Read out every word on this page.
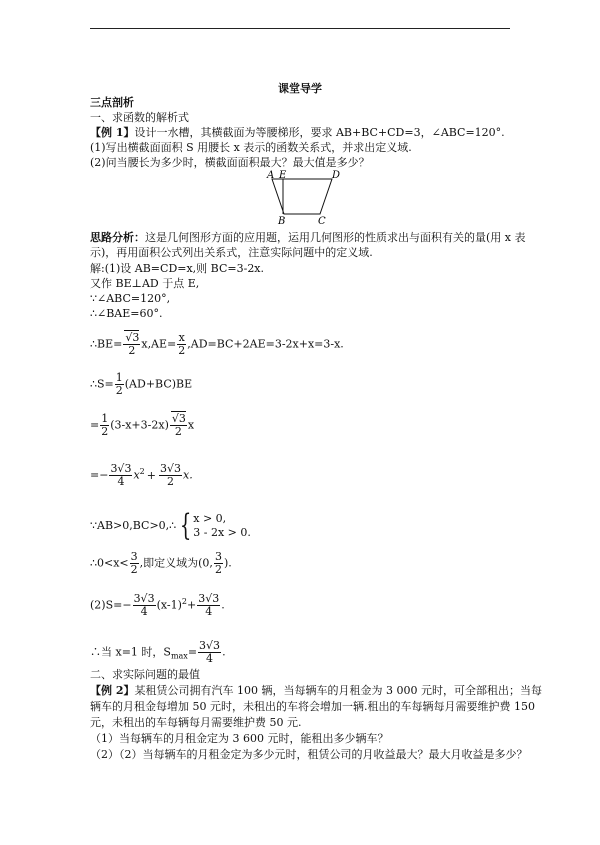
课堂导学
三点剖析
一、求函数的解析式
【例 1】设计一水槽，其横截面为等腰梯形，要求 AB+BC+CD=3，∠ABC=120°.
(1)写出横截面面积 S 用腰长 x 表示的函数关系式，并求出定义域.
(2)问当腰长为多少时，横截面面积最大？最大值是多少？
A E	D
B	C
思路分析：这是几何图形方面的应用题，运用几何图形的性质求出与面积有关的量(用 x 表
示)，再用面积公式列出关系式，注意实际问题中的定义域.
解:(1)设 AB=CD=x,则 BC=3-2x.
又作 BE⊥AD 于点 E,
∵∠ABC=120°,
∴∠BAE=60°.
∴BE= $\frac{√3}{2} x,AE= \frac{x}{2} ,AD=BC+2AE=3-2x+x=3-x$.
∴S= $\frac{1}{2} (AD+BC)BE$
= $\frac{1}{2} (3-x+3-2x) \frac{√3}{2}$ x
=− $\frac{3√3}{4} x^2 + \frac{3√3}{2} x$.
∵AB>0,BC>0,∴ { x > 0,
3 - 2x > 0.
∴0<x< $\frac{3}{2}$ ,即定义域为(0, $\frac{3}{2}$ ).
$(2)S=- \frac{3√3}{4} (x-1)^2+ \frac{3√3}{4}$ .
∴当 x=1 时，$S_{max}= \frac{3√3}{4}$ .
二、求实际问题的最值
【例 2】某租赁公司拥有汽车 100 辆，当每辆车的月租金为 3 000 元时，可全部租出；当每
辆车的月租金每增加 50 元时，未租出的车将会增加一辆.租出的车每辆每月需要维护费 150
元，未租出的车每辆每月需要维护费 50 元.
（1）当每辆车的月租金定为 3 600 元时，能租出多少辆车？
（2）（2）当每辆车的月租金定为多少元时，租赁公司的月收益最大？最大月收益是多少？
